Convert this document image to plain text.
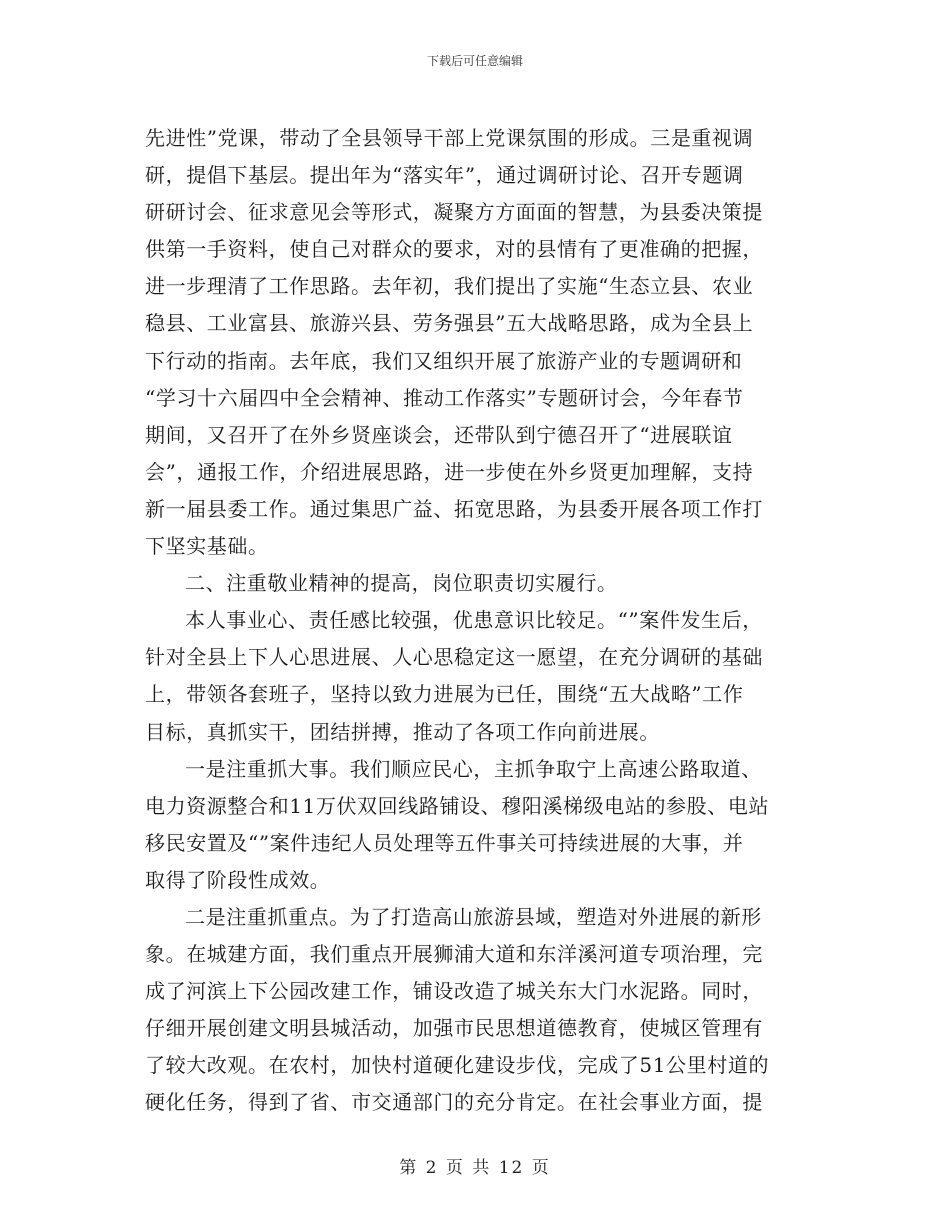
下载后可任意编辑
先进性”党课，带动了全县领导干部上党课氛围的形成。三是重视调
研，提倡下基层。提出年为“落实年”，通过调研讨论、召开专题调
研研讨会、征求意见会等形式，凝聚方方面面的智慧，为县委决策提
供第一手资料，使自己对群众的要求，对的县情有了更准确的把握，
进一步理清了工作思路。去年初，我们提出了实施“生态立县、农业
稳县、工业富县、旅游兴县、劳务强县”五大战略思路，成为全县上
下行动的指南。去年底，我们又组织开展了旅游产业的专题调研和
“学习十六届四中全会精神、推动工作落实”专题研讨会，今年春节
期间，又召开了在外乡贤座谈会，还带队到宁德召开了“进展联谊
会”，通报工作，介绍进展思路，进一步使在外乡贤更加理解，支持
新一届县委工作。通过集思广益、拓宽思路，为县委开展各项工作打
下坚实基础。
二、注重敬业精神的提高，岗位职责切实履行。
本人事业心、责任感比较强，优患意识比较足。“”案件发生后，
针对全县上下人心思进展、人心思稳定这一愿望，在充分调研的基础
上，带领各套班子，坚持以致力进展为已任，围绕“五大战略”工作
目标，真抓实干，团结拼搏，推动了各项工作向前进展。
一是注重抓大事。我们顺应民心，主抓争取宁上高速公路取道、
电力资源整合和11万伏双回线路铺设、穆阳溪梯级电站的参股、电站
移民安置及“”案件违纪人员处理等五件事关可持续进展的大事，并
取得了阶段性成效。
二是注重抓重点。为了打造高山旅游县域，塑造对外进展的新形
象。在城建方面，我们重点开展狮浦大道和东洋溪河道专项治理，完
成了河滨上下公园改建工作，铺设改造了城关东大门水泥路。同时，
仔细开展创建文明县城活动，加强市民思想道德教育，使城区管理有
了较大改观。在农村，加快村道硬化建设步伐，完成了51公里村道的
硬化任务，得到了省、市交通部门的充分肯定。在社会事业方面，提
第 2 页 共 12 页
